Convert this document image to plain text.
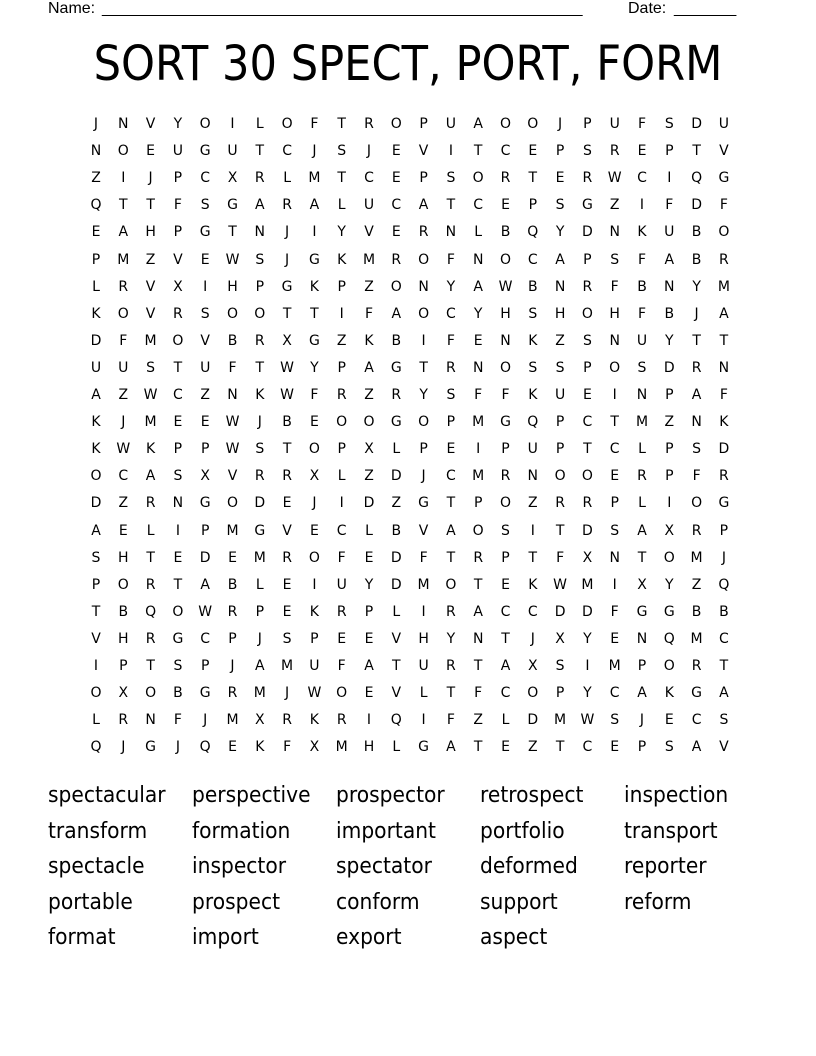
Name: ______________________________________________________	Date: _______
SORT 30 SPECT, PORT, FORM
J	N	V	Y	O	I	L	O	F	T	R	O	P	U	A	O	O	J	P	U	F	S	D	U
N	O	E	U	G	U	T	C	J	S	J	E	V	I	T	C	E	P	S	R	E	P	T	V
Z	I	J	P	C	X	R	L	M	T	C	E	P	S	O	R	T	E	R	W	C	I	Q	G
Q	T	T	F	S	G	A	R	A	L	U	C	A	T	C	E	P	S	G	Z	I	F	D	F
E	A	H	P	G	T	N	J	I	Y	V	E	R	N	L	B	Q	Y	D	N	K	U	B	O
P	M	Z	V	E	W	S	J	G	K	M	R	O	F	N	O	C	A	P	S	F	A	B	R
L	R	V	X	I	H	P	G	K	P	Z	O	N	Y	A	W	B	N	R	F	B	N	Y	M
K	O	V	R	S	O	O	T	T	I	F	A	O	C	Y	H	S	H	O	H	F	B	J	A
D	F	M	O	V	B	R	X	G	Z	K	B	I	F	E	N	K	Z	S	N	U	Y	T	T
U	U	S	T	U	F	T	W	Y	P	A	G	T	R	N	O	S	S	P	O	S	D	R	N
A	Z	W	C	Z	N	K	W	F	R	Z	R	Y	S	F	F	K	U	E	I	N	P	A	F
K	J	M	E	E	W	J	B	E	O	O	G	O	P	M	G	Q	P	C	T	M	Z	N	K
K	W	K	P	P	W	S	T	O	P	X	L	P	E	I	P	U	P	T	C	L	P	S	D
O	C	A	S	X	V	R	R	X	L	Z	D	J	C	M	R	N	O	O	E	R	P	F	R
D	Z	R	N	G	O	D	E	J	I	D	Z	G	T	P	O	Z	R	R	P	L	I	O	G
A	E	L	I	P	M	G	V	E	C	L	B	V	A	O	S	I	T	D	S	A	X	R	P
S	H	T	E	D	E	M	R	O	F	E	D	F	T	R	P	T	F	X	N	T	O	M	J
P	O	R	T	A	B	L	E	I	U	Y	D	M	O	T	E	K	W M	I	X	Y	Z	Q
T	B	Q	O	W	R	P	E	K	R	P	L	I	R	A	C	C	D	D	F	G	G	B	B
V	H	R	G	C	P	J	S	P	E	E	V	H	Y	N	T	J	X	Y	E	N	Q	M	C
I	P	T	S	P	J	A	M	U	F	A	T	U	R	T	A	X	S	I	M	P	O	R	T
O	X	O	B	G	R	M	J	W	O	E	V	L	T	F	C	O	P	Y	C	A	K	G	A
L	R	N	F	J	M	X	R	K	R	I	Q	I	F	Z	L	D	M W	S	J	E	C	S
Q	J	G	J	Q	E	K	F	X	M	H	L	G	A	T	E	Z	T	C	E	P	S	A	V
spectacular
transform
spectacle
portable
format
perspective
formation
inspector
prospect
import
prospector
important
spectator
conform
export
retrospect
portfolio
deformed
support
aspect
inspection
transport
reporter
reform
